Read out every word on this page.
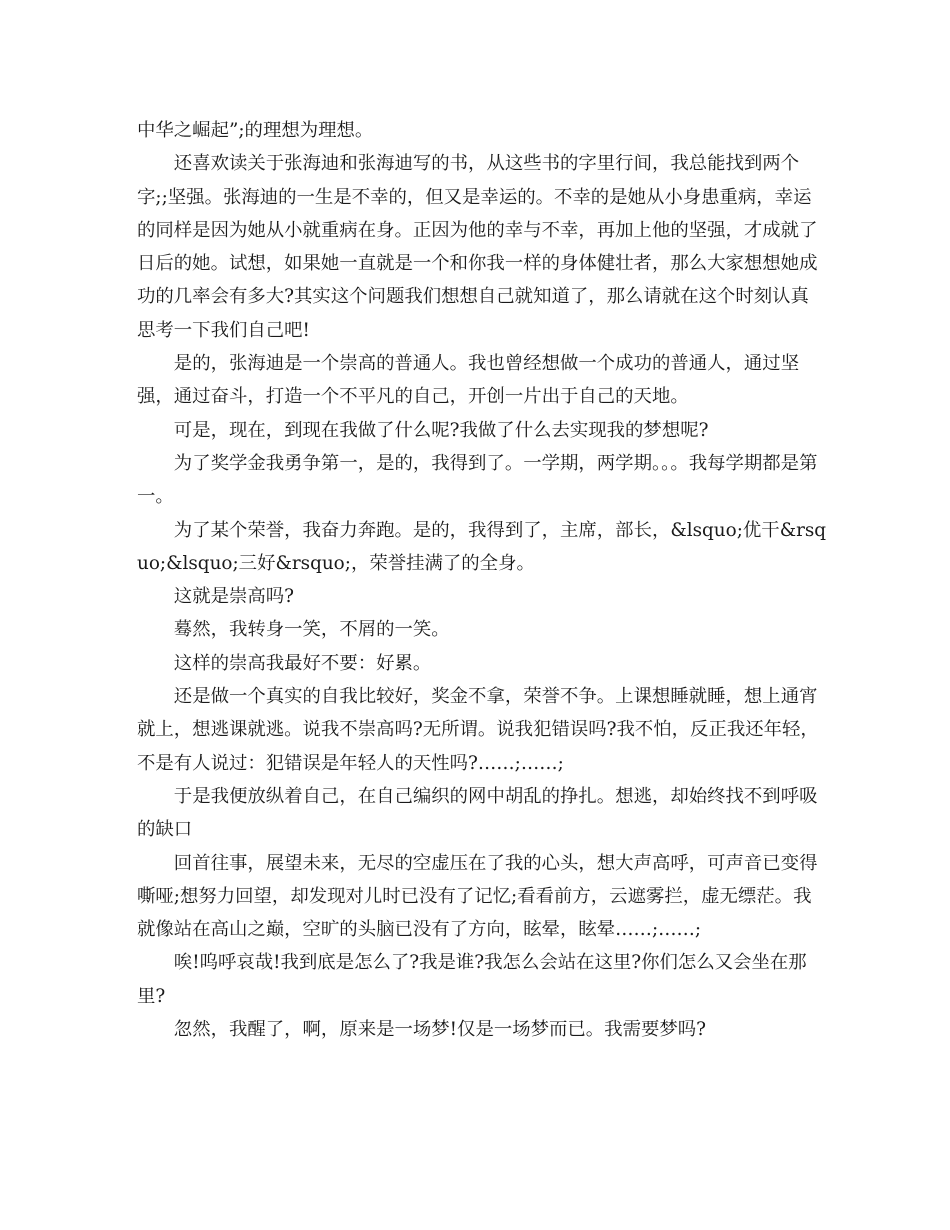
中华之崛起”;的理想为理想。

还喜欢读关于张海迪和张海迪写的书，从这些书的字里行间，我总能找到两个字;;坚强。张海迪的一生是不幸的，但又是幸运的。不幸的是她从小身患重病，幸运的同样是因为她从小就重病在身。正因为他的幸与不幸，再加上他的坚强，才成就了日后的她。试想，如果她一直就是一个和你我一样的身体健壮者，那么大家想想她成功的几率会有多大?其实这个问题我们想想自己就知道了，那么请就在这个时刻认真思考一下我们自己吧!

是的，张海迪是一个崇高的普通人。我也曾经想做一个成功的普通人，通过坚强，通过奋斗，打造一个不平凡的自己，开创一片出于自己的天地。

可是，现在，到现在我做了什么呢?我做了什么去实现我的梦想呢?

为了奖学金我勇争第一，是的，我得到了。一学期，两学期。。。我每学期都是第一。

为了某个荣誉，我奋力奔跑。是的，我得到了，主席，部长，&lsquo;优干&rsquo;&lsquo;三好&rsquo;，荣誉挂满了的全身。

这就是崇高吗?

蓦然，我转身一笑，不屑的一笑。

这样的崇高我最好不要：好累。

还是做一个真实的自我比较好，奖金不拿，荣誉不争。上课想睡就睡，想上通宵就上，想逃课就逃。说我不崇高吗?无所谓。说我犯错误吗?我不怕，反正我还年轻，不是有人说过：犯错误是年轻人的天性吗?……;……;

于是我便放纵着自己，在自己编织的网中胡乱的挣扎。想逃，却始终找不到呼吸的缺口

回首往事，展望未来，无尽的空虚压在了我的心头，想大声高呼，可声音已变得嘶哑;想努力回望，却发现对儿时已没有了记忆;看看前方，云遮雾拦，虚无缥茫。我就像站在高山之巅，空旷的头脑已没有了方向，眩晕，眩晕……;……;

唉!呜呼哀哉!我到底是怎么了?我是谁?我怎么会站在这里?你们怎么又会坐在那里?

忽然，我醒了，啊，原来是一场梦!仅是一场梦而已。我需要梦吗?
